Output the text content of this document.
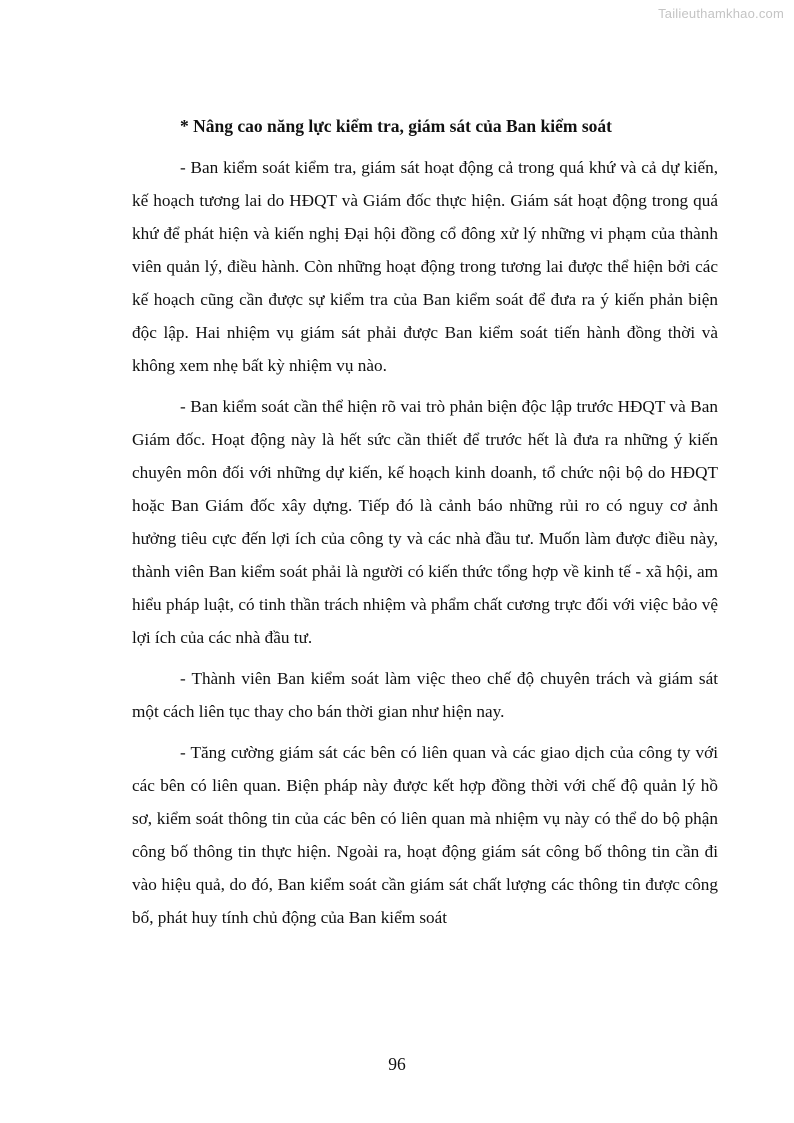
Tailieuthamkhao.com

* Nâng cao năng lực kiểm tra, giám sát của Ban kiểm soát

- Ban kiểm soát kiểm tra, giám sát hoạt động cả trong quá khứ và cả dự kiến, kế hoạch tương lai do HĐQT và Giám đốc thực hiện. Giám sát hoạt động trong quá khứ để phát hiện và kiến nghị Đại hội đồng cổ đông xử lý những vi phạm của thành viên quản lý, điều hành. Còn những hoạt động trong tương lai được thể hiện bởi các kế hoạch cũng cần được sự kiểm tra của Ban kiểm soát để đưa ra ý kiến phản biện độc lập. Hai nhiệm vụ giám sát phải được Ban kiểm soát tiến hành đồng thời và không xem nhẹ bất kỳ nhiệm vụ nào.

- Ban kiểm soát cần thể hiện rõ vai trò phản biện độc lập trước HĐQT và Ban Giám đốc. Hoạt động này là hết sức cần thiết để trước hết là đưa ra những ý kiến chuyên môn đối với những dự kiến, kế hoạch kinh doanh, tổ chức nội bộ do HĐQT hoặc Ban Giám đốc xây dựng. Tiếp đó là cảnh báo những rủi ro có nguy cơ ảnh hưởng tiêu cực đến lợi ích của công ty và các nhà đầu tư. Muốn làm được điều này, thành viên Ban kiểm soát phải là người có kiến thức tổng hợp về kinh tế - xã hội, am hiểu pháp luật, có tinh thần trách nhiệm và phẩm chất cương trực đối với việc bảo vệ lợi ích của các nhà đầu tư.

- Thành viên Ban kiểm soát làm việc theo chế độ chuyên trách và giám sát một cách liên tục thay cho bán thời gian như hiện nay.

- Tăng cường giám sát các bên có liên quan và các giao dịch của công ty với các bên có liên quan. Biện pháp này được kết hợp đồng thời với chế độ quản lý hồ sơ, kiểm soát thông tin của các bên có liên quan mà nhiệm vụ này có thể do bộ phận công bố thông tin thực hiện. Ngoài ra, hoạt động giám sát công bố thông tin cần đi vào hiệu quả, do đó, Ban kiểm soát cần giám sát chất lượng các thông tin được công bố, phát huy tính chủ động của Ban kiểm soát

96
